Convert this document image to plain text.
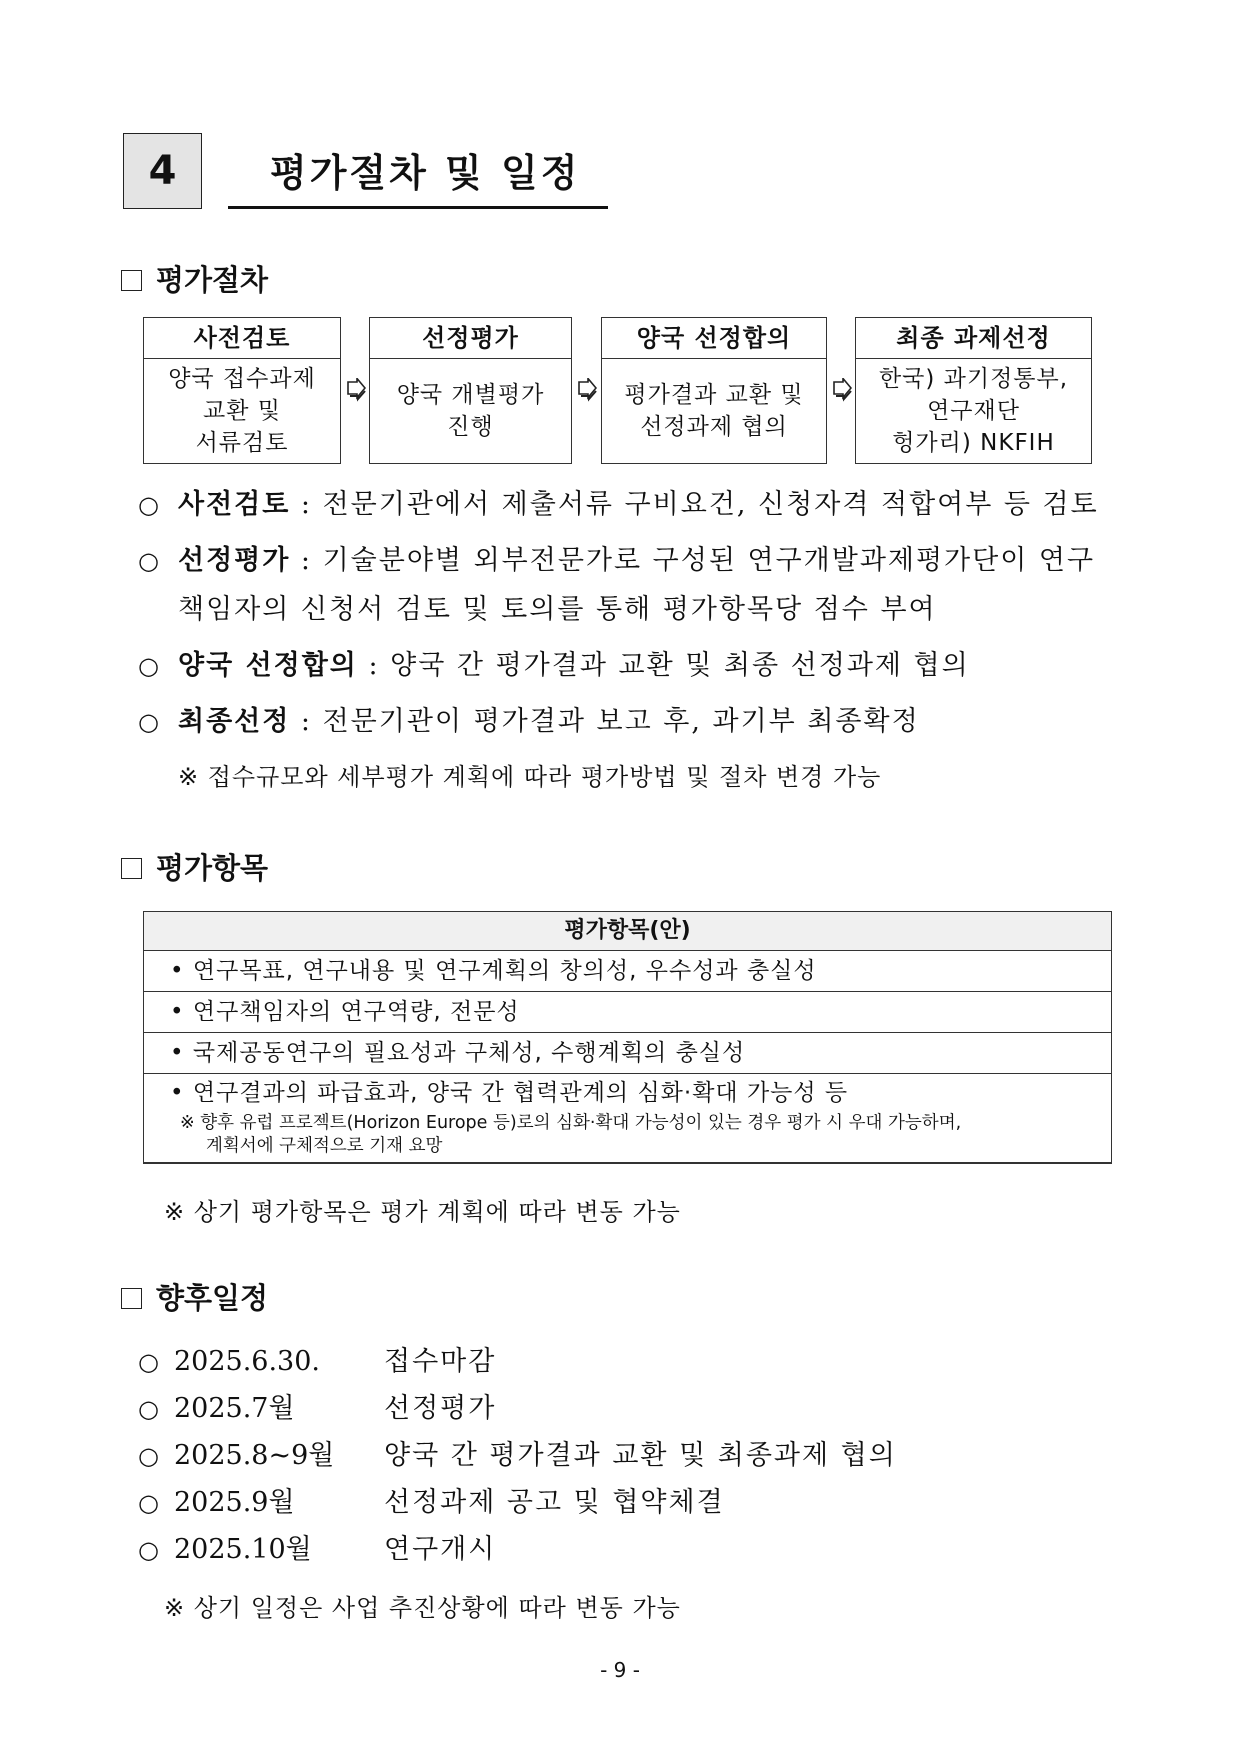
4	평가절차 및 일정
평가절차
사전검토
양국 접수과제
교환 및
서류검토
선정평가
양국 개별평가
진행
양국 선정합의
평가결과 교환 및
선정과제 협의
최종 과제선정
한국) 과기정통부,
연구재단
헝가리) NKFIH
○ 사전검토 : 전문기관에서 제출서류 구비요건, 신청자격 적합여부 등 검토
○ 선정평가 : 기술분야별 외부전문가로 구성된 연구개발과제평가단이 연구
책임자의 신청서 검토 및 토의를 통해 평가항목당 점수 부여
○ 양국 선정합의 : 양국 간 평가결과 교환 및 최종 선정과제 협의
○ 최종선정 : 전문기관이 평가결과 보고 후, 과기부 최종확정
※ 접수규모와 세부평가 계획에 따라 평가방법 및 절차 변경 가능
평가항목
평가항목(안)
• 연구목표, 연구내용 및 연구계획의 창의성, 우수성과 충실성
• 연구책임자의 연구역량, 전문성
• 국제공동연구의 필요성과 구체성, 수행계획의 충실성
• 연구결과의 파급효과, 양국 간 협력관계의 심화·확대 가능성 등
※ 향후 유럽 프로젝트(Horizon Europe 등)로의 심화·확대 가능성이 있는 경우 평가 시 우대 가능하며,
계획서에 구체적으로 기재 요망
※ 상기 평가항목은 평가 계획에 따라 변동 가능
향후일정
○ 2025.6.30. 접수마감
○ 2025.7월	선정평가
○ 2025.8~9월 양국 간 평가결과 교환 및 최종과제 협의
○ 2025.9월	선정과제 공고 및 협약체결
○ 2025.10월	연구개시
※ 상기 일정은 사업 추진상황에 따라 변동 가능
- 9 -
